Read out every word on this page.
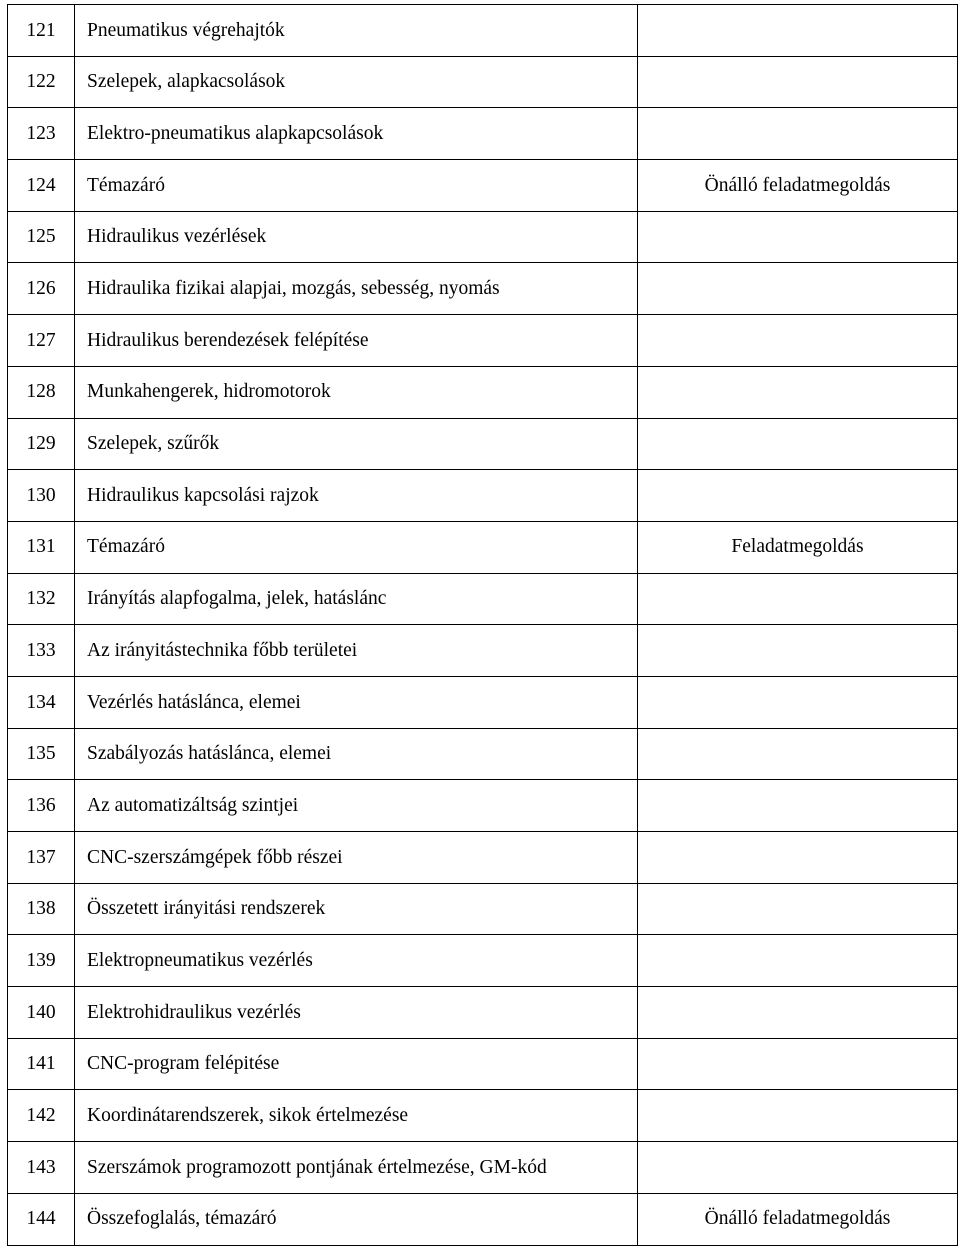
121	Pneumatikus végrehajtók	
122	Szelepek, alapkacsolások	
123	Elektro-pneumatikus alapkapcsolások	
124	Témazáró	Önálló feladatmegoldás
125	Hidraulikus vezérlések	
126	Hidraulika fizikai alapjai, mozgás, sebesség, nyomás	
127	Hidraulikus berendezések felépítése	
128	Munkahengerek, hidromotorok	
129	Szelepek, szűrők	
130	Hidraulikus kapcsolási rajzok	
131	Témazáró	Feladatmegoldás
132	Irányítás alapfogalma, jelek, hatáslánc	
133	Az irányitástechnika főbb területei	
134	Vezérlés hatáslánca, elemei	
135	Szabályozás hatáslánca, elemei	
136	Az automatizáltság szintjei	
137	CNC-szerszámgépek főbb részei	
138	Összetett irányitási rendszerek	
139	Elektropneumatikus vezérlés	
140	Elektrohidraulikus vezérlés	
141	CNC-program felépitése	
142	Koordinátarendszerek, sikok értelmezése	
143	Szerszámok programozott pontjának értelmezése, GM-kód	
144	Összefoglalás, témazáró	Önálló feladatmegoldás
